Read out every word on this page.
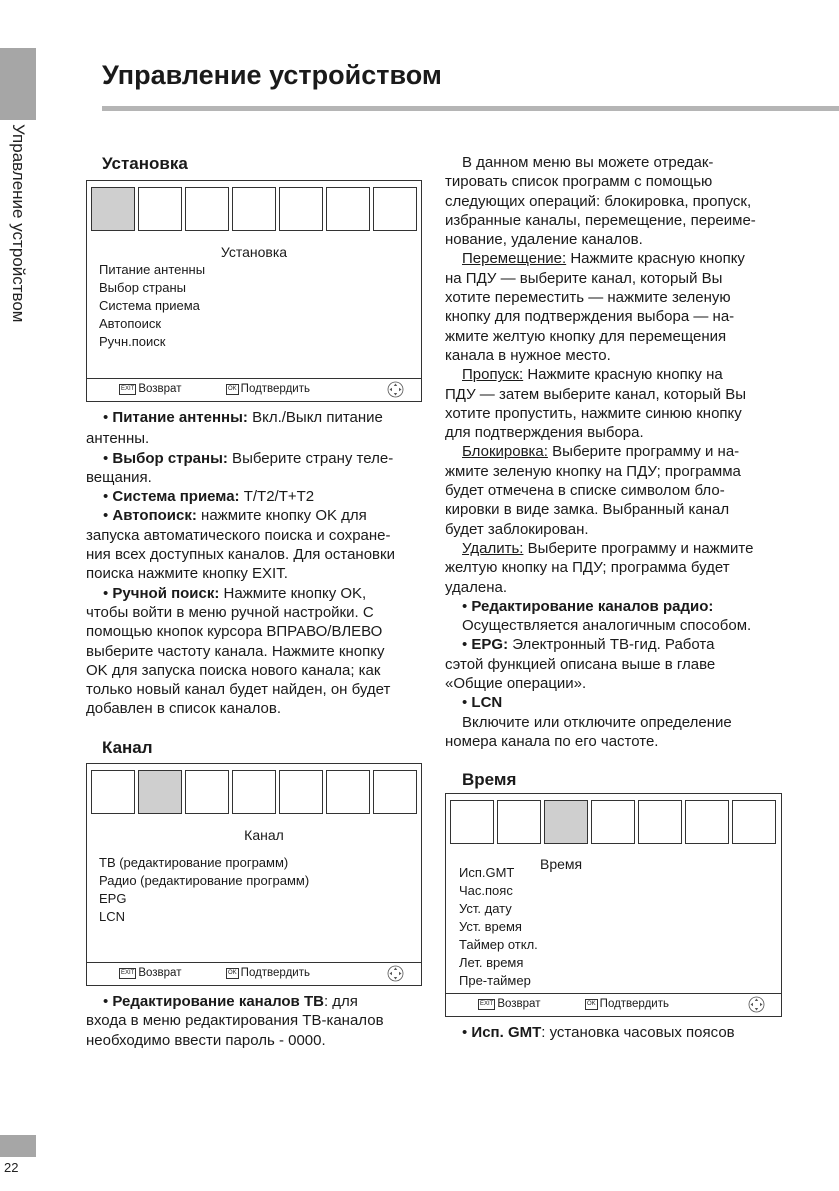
Управление устройством
22
Управление устройством
Установка
Установка
Питание антенны
Выбор страны
Система приема
Автопоиск
Ручн.поиск
EXIT Возврат	OK Подтвердить

• Питание антенны: Вкл./Выкл питание

антенны.

• Выбор страны: Выберите страну теле-

вещания.

• Система приема: T/T2/T+T2

• Автопоиск: нажмите кнопку OK для

запуска автоматического поиска и сохране-

ния всех доступных каналов. Для остановки

поиска нажмите кнопку EXIT.

• Ручной поиск: Нажмите кнопку OK,

чтобы войти в меню ручной настройки. С

помощью кнопок курсора ВПРАВО/ВЛЕВО

выберите частоту канала. Нажмите кнопку

OK для запуска поиска нового канала; как

только новый канал будет найден, он будет

добавлен в список каналов.

Канал
Канал
ТВ (редактирование программ)
Радио (редактирование программ)
EPG
LCN
EXIT Возврат	OK Подтвердить

• Редактирование каналов ТВ: для

входа в меню редактирования ТВ-каналов

необходимо ввести пароль - 0000.

В данном меню вы можете отредак-

тировать список программ с помощью

следующих операций: блокировка, пропуск,

избранные каналы, перемещение, переиме-

нование, удаление каналов.

Перемещение: Нажмите красную кнопку

на ПДУ — выберите канал, который Вы

хотите переместить — нажмите зеленую

кнопку для подтверждения выбора — на-

жмите желтую кнопку для перемещения

канала в нужное место.

Пропуск: Нажмите красную кнопку на

ПДУ — затем выберите канал, который Вы

хотите пропустить, нажмите синюю кнопку

для подтверждения выбора.

Блокировка: Выберите программу и на-

жмите зеленую кнопку на ПДУ; программа

будет отмечена в списке символом бло-

кировки в виде замка. Выбранный канал

будет заблокирован.

Удалить: Выберите программу и нажмите

желтую кнопку на ПДУ; программа будет

удалена.

• Редактирование каналов радио:

Осуществляется аналогичным способом.

• EPG: Электронный ТВ-гид. Работа

сэтой функцией описана выше в главе

«Общие операции».

• LCN

Включите или отключите определение

номера канала по его частоте.

Время
Время
Исп.GMT
Час.пояс
Уст. дату
Уст. время
Таймер откл.
Лет. время
Пре-таймер
EXIT Возврат	OK Подтвердить

• Исп. GMT: установка часовых поясов
